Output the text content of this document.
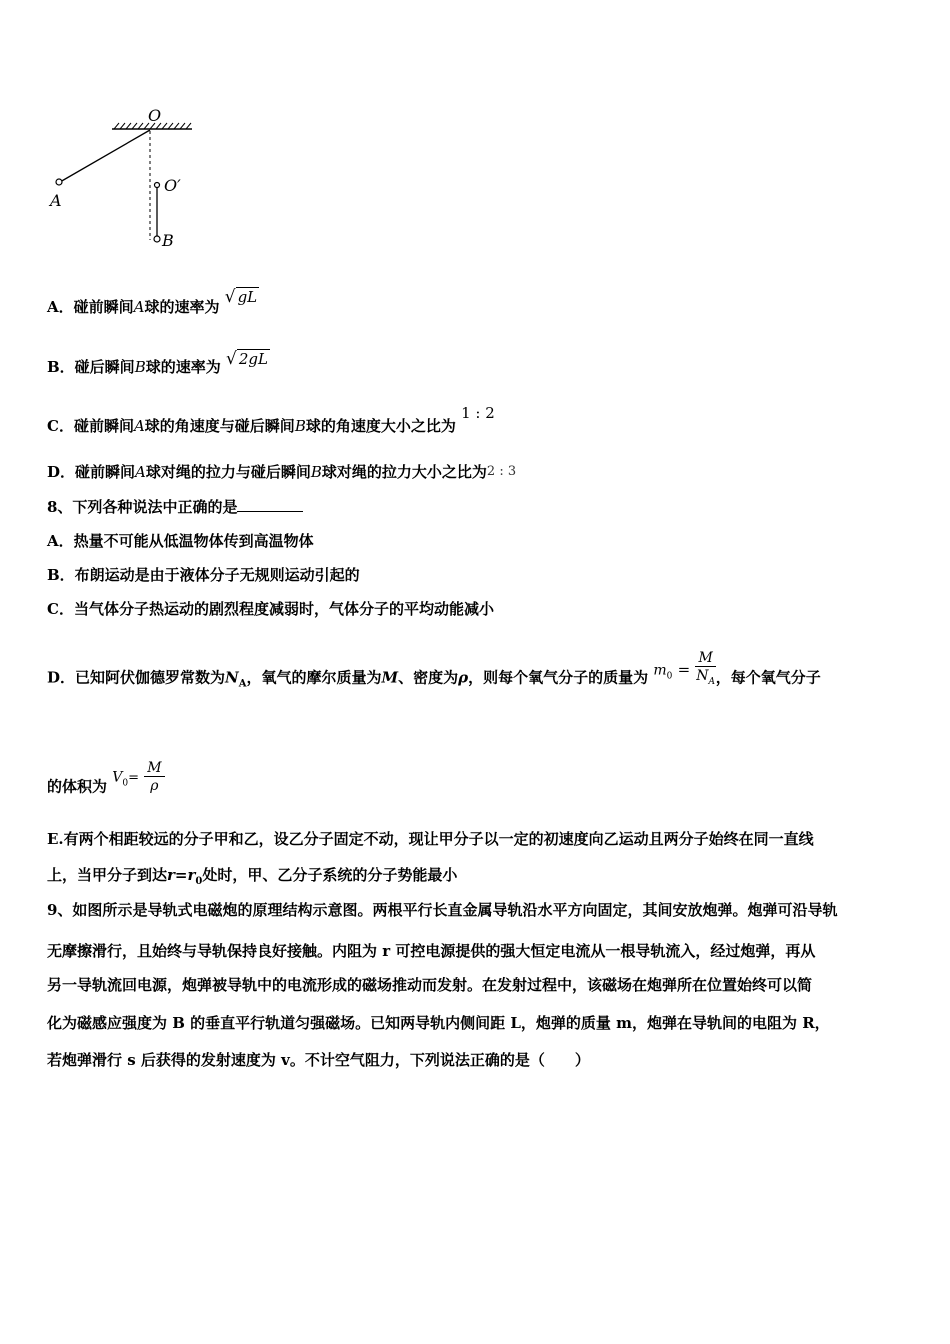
O
A
O′
B
A．碰前瞬间A球的速率为 √ gL
B．碰后瞬间B球的速率为 √ 2gL
C．碰前瞬间A球的角速度与碰后瞬间B球的角速度大小之比为 1 : 2
D．碰前瞬间A球对绳的拉力与碰后瞬间B球对绳的拉力大小之比为2 : 3
8、下列各种说法中正确的是
A．热量不可能从低温物体传到高温物体
B．布朗运动是由于液体分子无规则运动引起的
C．当气体分子热运动的剧烈程度减弱时，气体分子的平均动能减小
D．已知阿伏伽德罗常数为$N_A$，氧气的摩尔质量为M、密度为ρ，则每个氧气分子的质量为 $m_0 = \frac{M}{N_A}$ ，每个氧气分子
的体积为 $V_0= \frac{M}{\rho}$
E.有两个相距较远的分子甲和乙，设乙分子固定不动，现让甲分子以一定的初速度向乙运动且两分子始终在同一直线
上，当甲分子到达$r=r_0$处时，甲、乙分子系统的分子势能最小
9、如图所示是导轨式电磁炮的原理结构示意图。两根平行长直金属导轨沿水平方向固定，其间安放炮弹。炮弹可沿导轨
无摩擦滑行，且始终与导轨保持良好接触。内阻为 r 可控电源提供的强大恒定电流从一根导轨流入，经过炮弹，再从
另一导轨流回电源，炮弹被导轨中的电流形成的磁场推动而发射。在发射过程中，该磁场在炮弹所在位置始终可以简
化为磁感应强度为 B 的垂直平行轨道匀强磁场。已知两导轨内侧间距 L，炮弹的质量 m，炮弹在导轨间的电阻为 R，
若炮弹滑行 s 后获得的发射速度为 v。不计空气阻力，下列说法正确的是（　　）
